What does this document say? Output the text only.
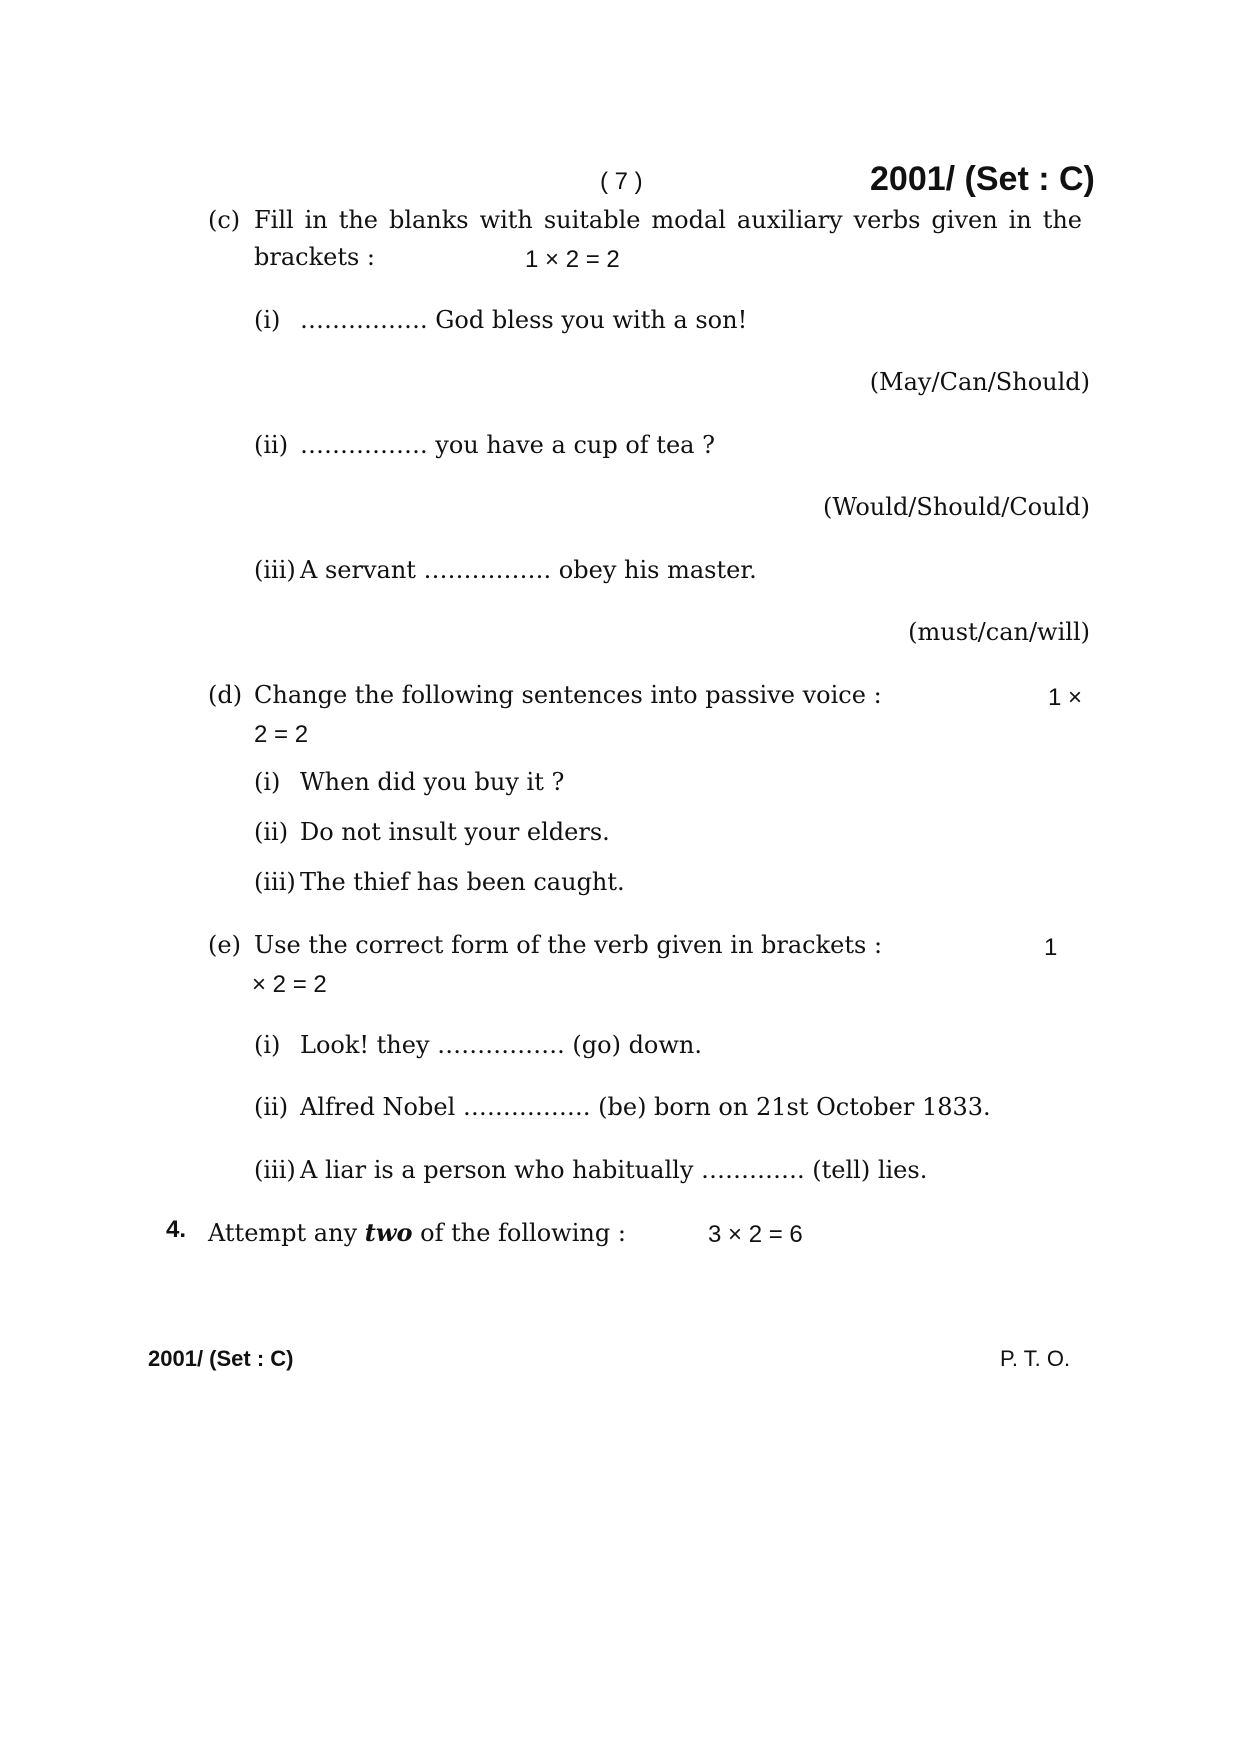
( 7 )	2001/ (Set : C)
(c) Fill in the blanks with suitable modal auxiliary verbs given in the
brackets :	1 × 2 = 2
(i) ……………. God bless you with a son!
(May/Can/Should)
(ii) ……………. you have a cup of tea ?
(Would/Should/Could)
(iii) A servant ……………. obey his master.
(must/can/will)
(d) Change the following sentences into passive voice :	1 ×
2 = 2
(i) When did you buy it ?
(ii) Do not insult your elders.
(iii) The thief has been caught.
(e) Use the correct form of the verb given in brackets :	1
× 2 = 2
(i) Look! they ……………. (go) down.
(ii) Alfred Nobel ……………. (be) born on 21st October 1833.
(iii) A liar is a person who habitually …………. (tell) lies.
4. Attempt any two of the following :	3 × 2 = 6
2001/ (Set : C)	P. T. O.
